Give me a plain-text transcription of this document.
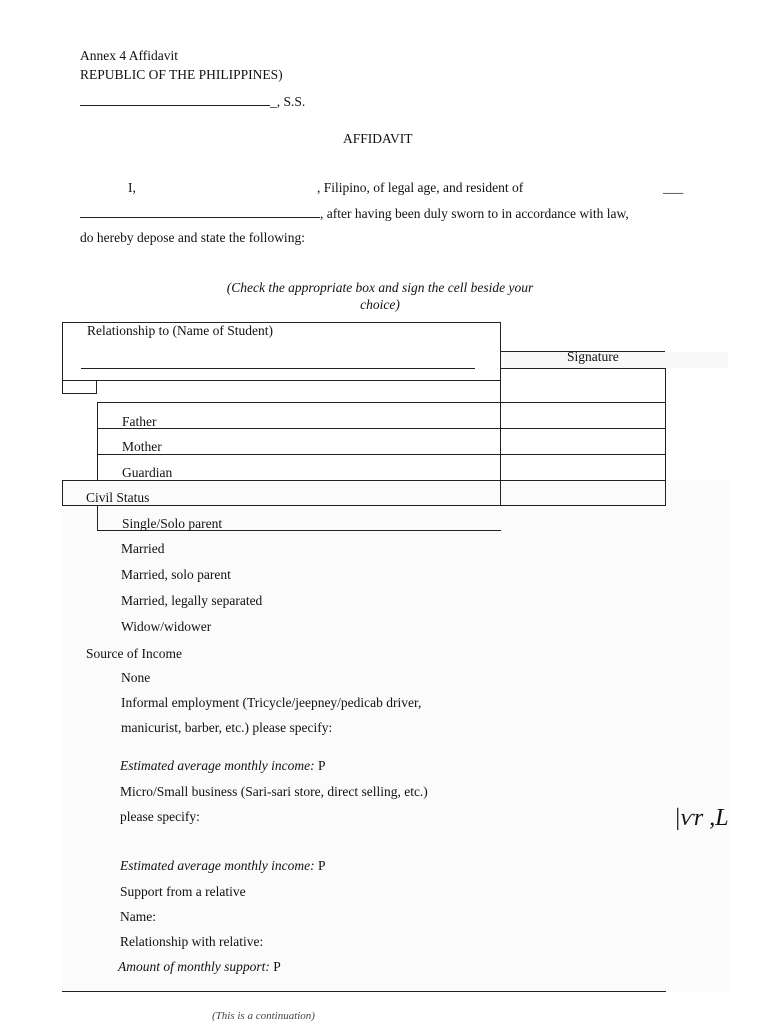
Annex 4 Affidavit
REPUBLIC OF THE PHILIPPINES)
_, S.S.
AFFIDAVIT
I,	, Filipino, of legal age, and resident of	___
, after having been duly sworn to in accordance with law,
do hereby depose and state the following:
(Check the appropriate box and sign the cell beside your
choice)
Relationship to (Name of Student)
Signature
Father
Mother
Guardian
Civil Status
Single/Solo parent
Married
Married, solo parent
Married, legally separated
Widow/widower
Source of Income
None
Informal employment (Tricycle/jeepney/pedicab driver,
manicurist, barber, etc.) please specify:
Estimated average monthly income: P
Micro/Small business (Sari-sari store, direct selling, etc.)
please specify:	|ѵr ,L
Estimated average monthly income: P
Support from a relative
Name:
Relationship with relative:
Amount of monthly support: P
(This is a continuation)
